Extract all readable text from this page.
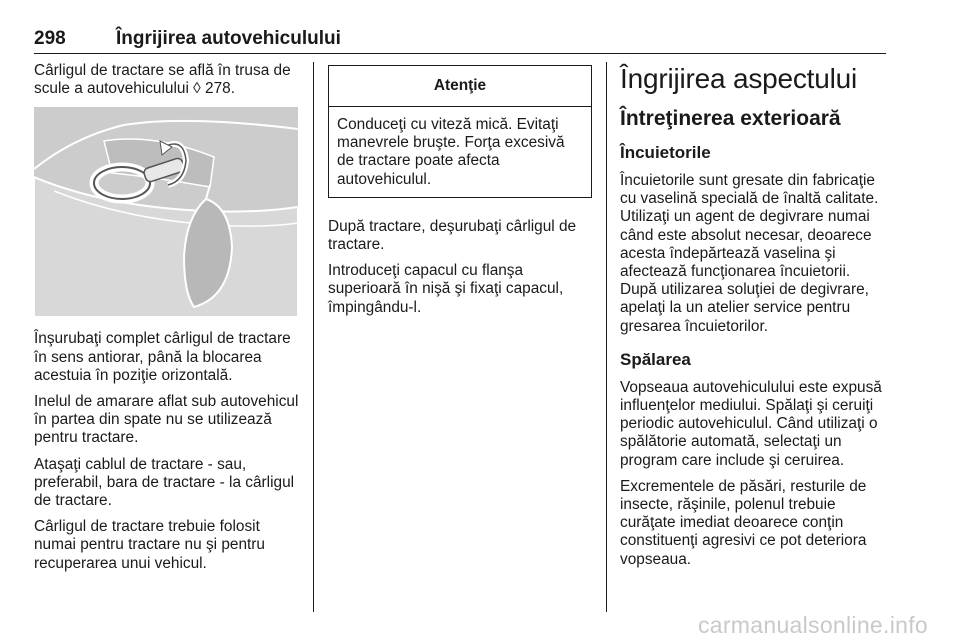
298	Îngrijirea autovehiculului

Cârligul de tractare se află în trusa de scule a autovehiculului ◊ 278.

Înşurubaţi complet cârligul de tractare în sens antiorar, până la blocarea acestuia în poziţie orizontală.

Inelul de amarare aflat sub autovehicul în partea din spate nu se utilizează pentru tractare.

Ataşaţi cablul de tractare - sau, preferabil, bara de tractare - la cârligul de tractare.

Cârligul de tractare trebuie folosit numai pentru tractare nu şi pentru recuperarea unui vehicul.

Atenţie
Conduceţi cu viteză mică. Evitaţi manevrele bruşte. Forţa excesivă de tractare poate afecta autovehiculul.

După tractare, deşurubaţi cârligul de tractare.

Introduceţi capacul cu flanşa superioară în nişă şi fixaţi capacul, împingându-l.

Îngrijirea aspectului
Întreţinerea exterioară
Încuietorile

Încuietorile sunt gresate din fabricaţie cu vaselină specială de înaltă calitate. Utilizaţi un agent de degivrare numai când este absolut necesar, deoarece acesta îndepărtează vaselina şi afectează funcţionarea încuietorii. După utilizarea soluţiei de degivrare, apelaţi la un atelier service pentru gresarea încuietorilor.

Spălarea

Vopseaua autovehiculului este expusă influenţelor mediului. Spălaţi şi ceruiţi periodic autovehiculul. Când utilizaţi o spălătorie automată, selectaţi un program care include şi ceruirea.

Excrementele de păsări, resturile de insecte, răşinile, polenul trebuie curăţate imediat deoarece conţin constituenţi agresivi ce pot deteriora vopseaua.

carmanualsonline.info
